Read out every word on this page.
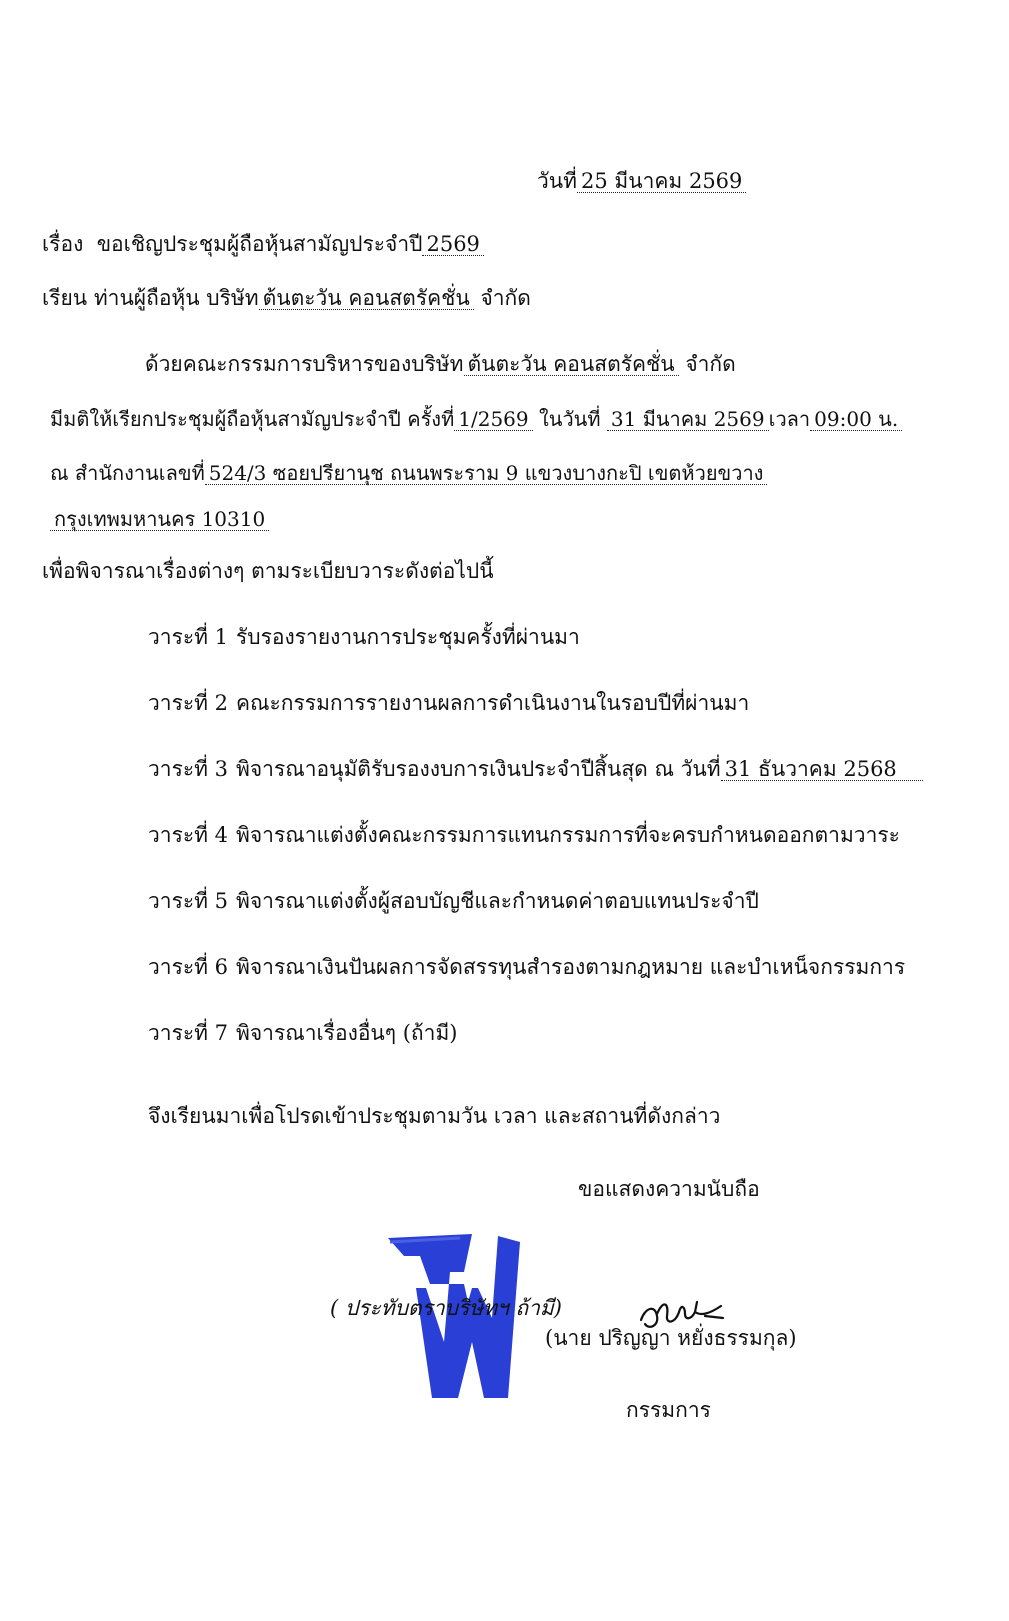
วันที่ 25 มีนาคม 2569
เรื่อง ขอเชิญประชุมผู้ถือหุ้นสามัญประจำปี 2569
เรียน ท่านผู้ถือหุ้น บริษัท ต้นตะวัน คอนสตรัคชั่น จำกัด
ด้วยคณะกรรมการบริหารของบริษัท ต้นตะวัน คอนสตรัคชั่น จำกัด
มีมติให้เรียกประชุมผู้ถือหุ้นสามัญประจำปี ครั้งที่ 1/2569 ในวันที่ 31 มีนาคม 2569 เวลา 09:00 น.
ณ สำนักงานเลขที่ 524/3 ซอยปรียานุช ถนนพระราม 9 แขวงบางกะปิ เขตห้วยขวาง
กรุงเทพมหานคร 10310
เพื่อพิจารณาเรื่องต่างๆ ตามระเบียบวาระดังต่อไปนี้
วาระที่ 1 รับรองรายงานการประชุมครั้งที่ผ่านมา
วาระที่ 2 คณะกรรมการรายงานผลการดำเนินงานในรอบปีที่ผ่านมา
วาระที่ 3 พิจารณาอนุมัติรับรองงบการเงินประจำปีสิ้นสุด ณ วันที่ 31 ธันวาคม 2568
วาระที่ 4 พิจารณาแต่งตั้งคณะกรรมการแทนกรรมการที่จะครบกำหนดออกตามวาระ
วาระที่ 5 พิจารณาแต่งตั้งผู้สอบบัญชีและกำหนดค่าตอบแทนประจำปี
วาระที่ 6 พิจารณาเงินปันผลการจัดสรรทุนสำรองตามกฎหมาย และบำเหน็จกรรมการ
วาระที่ 7 พิจารณาเรื่องอื่นๆ (ถ้ามี)
จึงเรียนมาเพื่อโปรดเข้าประชุมตามวัน เวลา และสถานที่ดังกล่าว
ขอแสดงความนับถือ
( ประทับตราบริษัทฯ ถ้ามี)
(นาย ปริญญา หยั่งธรรมกุล)
กรรมการ
